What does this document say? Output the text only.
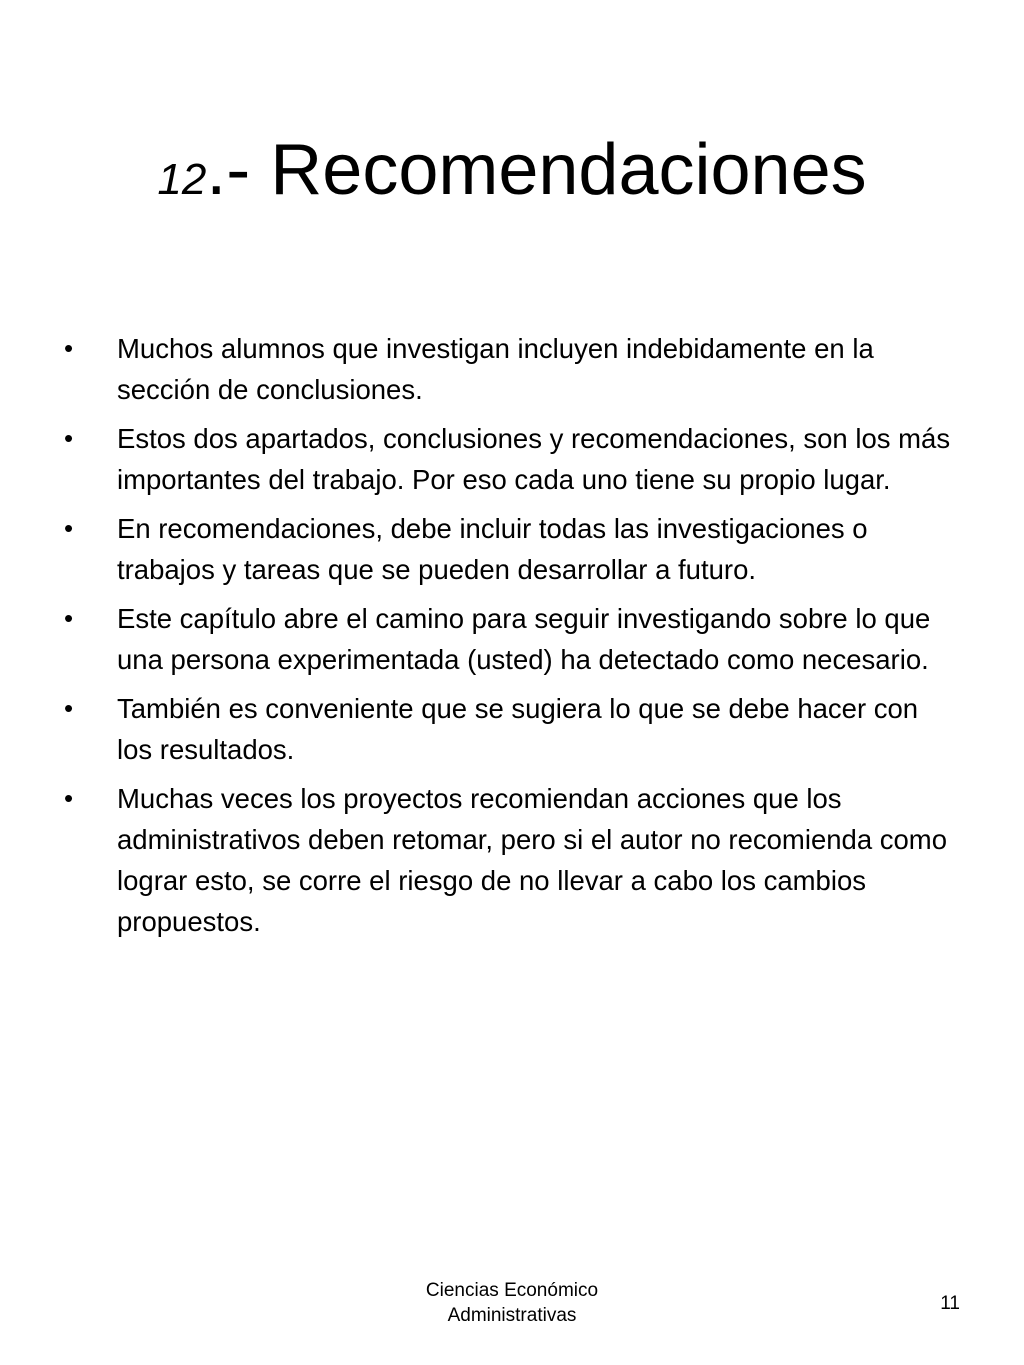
12.- Recomendaciones
• Muchos alumnos que investigan incluyen indebidamente en la sección de conclusiones.
• Estos dos apartados, conclusiones y recomendaciones, son los más importantes del trabajo. Por eso cada uno tiene su propio lugar.
• En recomendaciones, debe incluir todas las investigaciones o trabajos y tareas que se pueden desarrollar a futuro.
• Este capítulo abre el camino para seguir investigando sobre lo que una persona experimentada (usted) ha detectado como necesario.
• También es conveniente que se sugiera lo que se debe hacer con los resultados.
• Muchas veces los proyectos recomiendan acciones que los administrativos deben retomar, pero si el autor no recomienda como lograr esto, se corre el riesgo de no llevar a cabo los cambios propuestos.
Ciencias Económico
Administrativas
11
